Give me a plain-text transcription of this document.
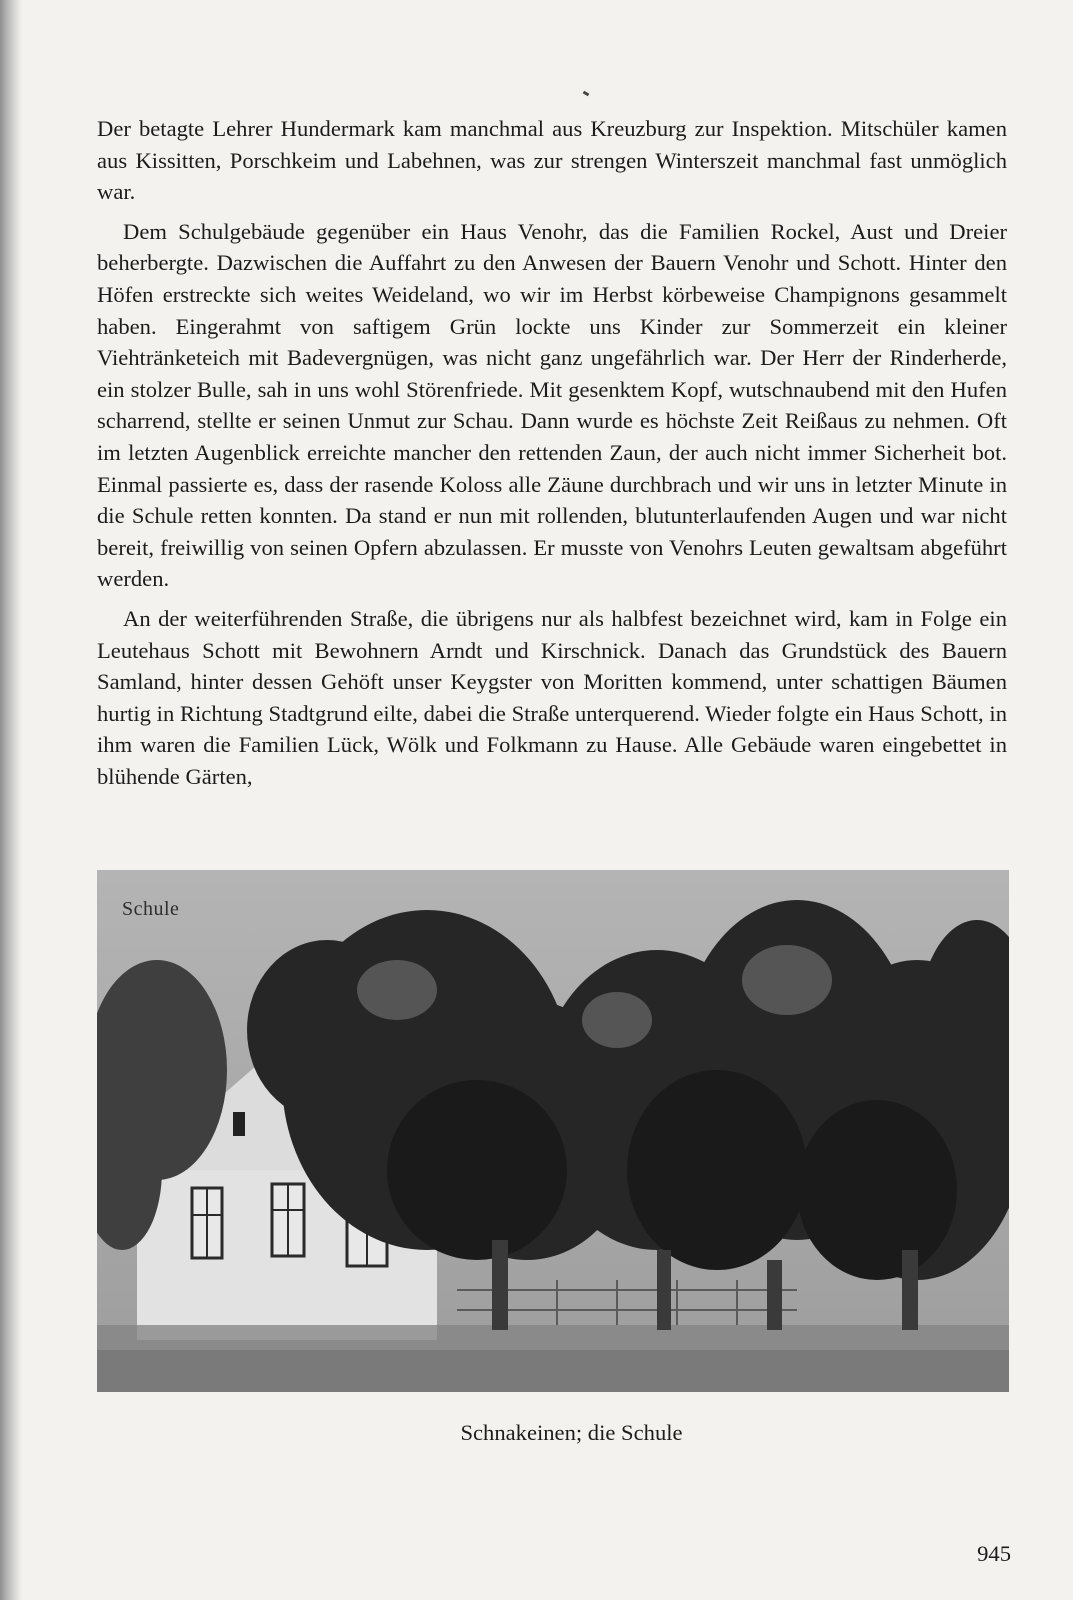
Der betagte Lehrer Hundermark kam manchmal aus Kreuzburg zur Inspektion. Mitschüler kamen aus Kissitten, Porschkeim und Labehnen, was zur strengen Winterszeit manchmal fast unmöglich war.

Dem Schulgebäude gegenüber ein Haus Venohr, das die Familien Rockel, Aust und Dreier beherbergte. Dazwischen die Auffahrt zu den Anwesen der Bauern Venohr und Schott. Hinter den Höfen erstreckte sich weites Weideland, wo wir im Herbst körbeweise Champignons gesammelt haben. Eingerahmt von saftigem Grün lockte uns Kinder zur Sommerzeit ein kleiner Viehtränketeich mit Badevergnügen, was nicht ganz ungefährlich war. Der Herr der Rinderherde, ein stolzer Bulle, sah in uns wohl Störenfriede. Mit gesenktem Kopf, wutschnaubend mit den Hufen scharrend, stellte er seinen Unmut zur Schau. Dann wurde es höchste Zeit Reißaus zu nehmen. Oft im letzten Augenblick erreichte mancher den rettenden Zaun, der auch nicht immer Sicherheit bot. Einmal passierte es, dass der rasende Koloss alle Zäune durchbrach und wir uns in letzter Minute in die Schule retten konnten. Da stand er nun mit rollenden, blutunterlaufenden Augen und war nicht bereit, freiwillig von seinen Opfern abzulassen. Er musste von Venohrs Leuten gewaltsam abgeführt werden.

An der weiterführenden Straße, die übrigens nur als halbfest bezeichnet wird, kam in Folge ein Leutehaus Schott mit Bewohnern Arndt und Kirschnick. Danach das Grundstück des Bauern Samland, hinter dessen Gehöft unser Keygster von Moritten kommend, unter schattigen Bäumen hurtig in Richtung Stadtgrund eilte, dabei die Straße unterquerend. Wieder folgte ein Haus Schott, in ihm waren die Familien Lück, Wölk und Folkmann zu Hause. Alle Gebäude waren eingebettet in blühende Gärten,

Schule
Schnakeinen; die Schule
945
